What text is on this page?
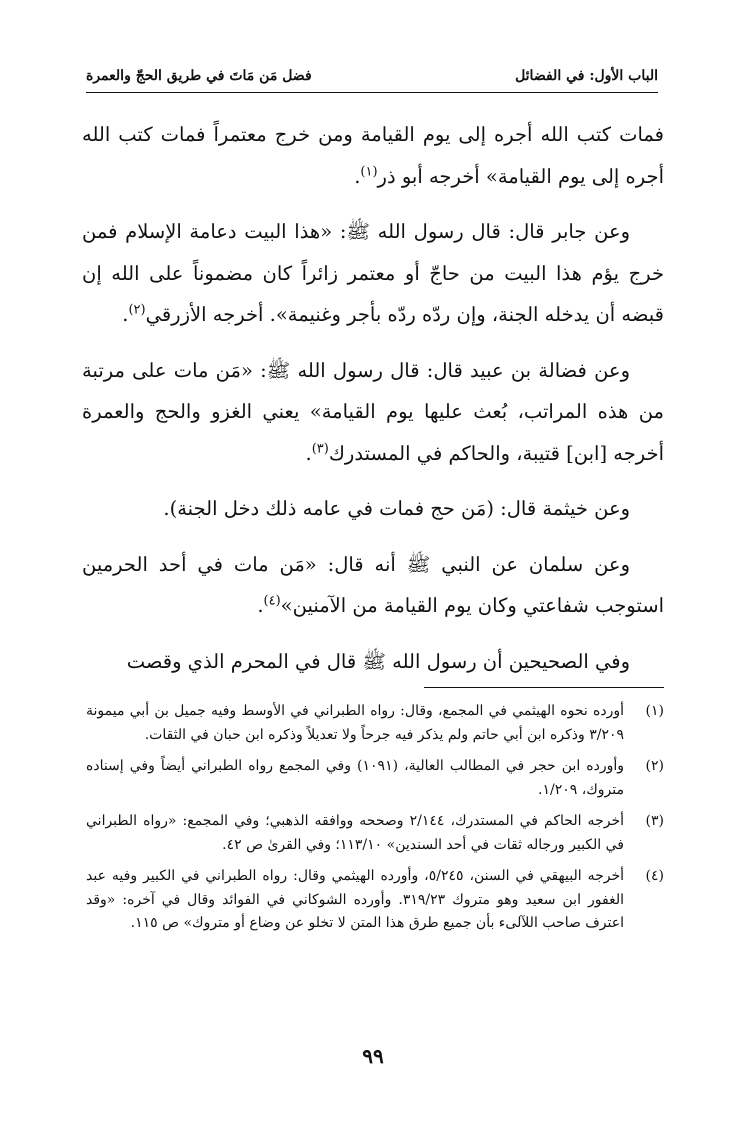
الباب الأول: في الفضائل
فضل مَن مَاتَ في طريق الحجّ والعمرة

فمات كتب الله أجره إلى يوم القيامة ومن خرج معتمراً فمات كتب الله أجره إلى يوم القيامة» أخرجه أبو ذر$^{(١)}$.

وعن جابر قال: قال رسول الله ﷺ: «هذا البيت دعامة الإسلام فمن خرج يؤم هذا البيت من حاجّ أو معتمر زائراً كان مضموناً على الله إن قبضه أن يدخله الجنة، وإن ردّه ردّه بأجر وغنيمة». أخرجه الأزرقي$^{(٢)}$.

وعن فضالة بن عبيد قال: قال رسول الله ﷺ: «مَن مات على مرتبة من هذه المراتب، بُعث عليها يوم القيامة» يعني الغزو والحج والعمرة أخرجه [ابن] قتيبة، والحاكم في المستدرك$^{(٣)}$.

وعن خيثمة قال: (مَن حج فمات في عامه ذلك دخل الجنة).

وعن سلمان عن النبي ﷺ أنه قال: «مَن مات في أحد الحرمين استوجب شفاعتي وكان يوم القيامة من الآمنين»$^{(٤)}$.

وفي الصحيحين أن رسول الله ﷺ قال في المحرم الذي وقصت

(١)
أورده نحوه الهيثمي في المجمع، وقال: رواه الطبراني في الأوسط وفيه جميل بن أبي ميمونة ٣/٢٠٩ وذكره ابن أبي حاتم ولم يذكر فيه جرحاً ولا تعديلاً وذكره ابن حبان في الثقات.
(٢)
وأورده ابن حجر في المطالب العالية، (١٠٩١) وفي المجمع رواه الطبراني أيضاً وفي إسناده متروك، ١/٢٠٩.
(٣)
أخرجه الحاكم في المستدرك، ٢/١٤٤ وصححه ووافقه الذهبي؛ وفي المجمع: «رواه الطبراني في الكبير ورجاله ثقات في أحد السندين» ١١٣/١٠؛ وفي القرىٰ ص ٤٢.
(٤)
أخرجه البيهقي في السنن، ٥/٢٤٥، وأورده الهيثمي وقال: رواه الطبراني في الكبير وفيه عبد الغفور ابن سعيد وهو متروك ٣١٩/٢٣. وأورده الشوكاني في الفوائد وقال في آخره: «وقد اعترف صاحب اللآلىء بأن جميع طرق هذا المتن لا تخلو عن وضاع أو متروك» ص ١١٥.
٩٩
